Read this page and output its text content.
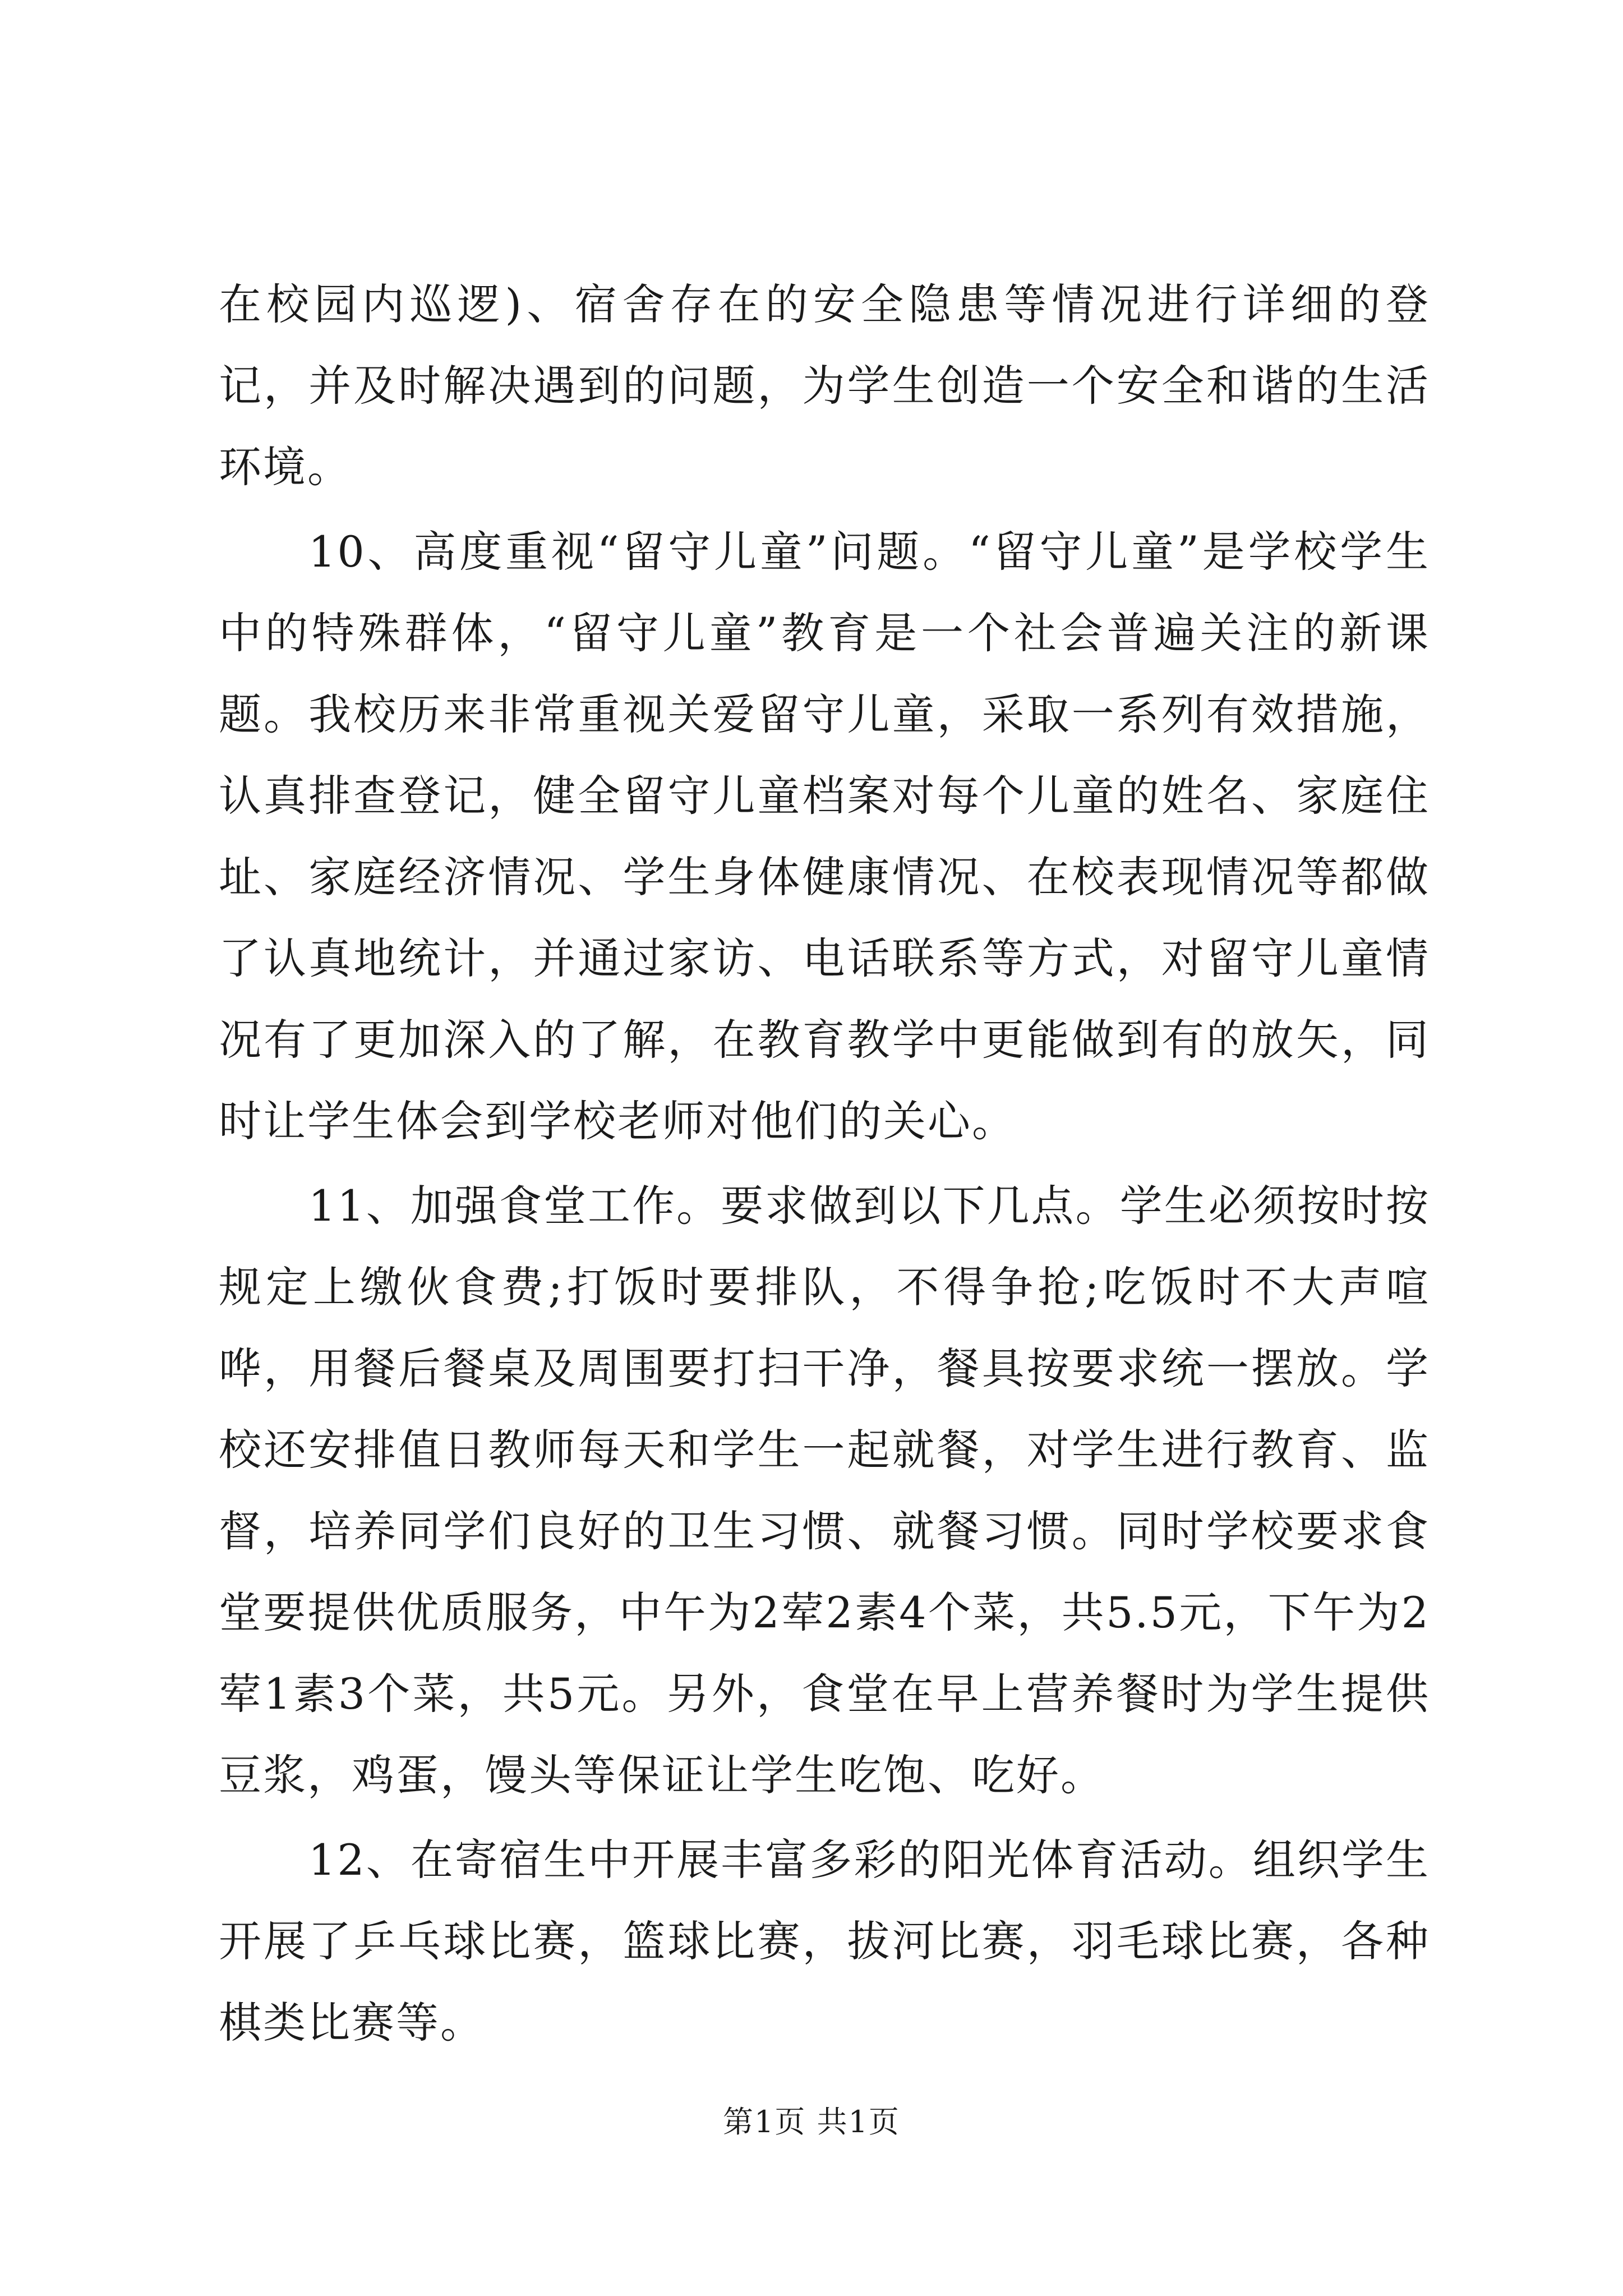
在校园内巡逻)、宿舍存在的安全隐患等情况进行详细的登记，并及时解决遇到的问题，为学生创造一个安全和谐的生活环境。

10、高度重视“留守儿童”问题。“留守儿童”是学校学生中的特殊群体，“留守儿童”教育是一个社会普遍关注的新课题。我校历来非常重视关爱留守儿童，采取一系列有效措施，认真排查登记，健全留守儿童档案对每个儿童的姓名、家庭住址、家庭经济情况、学生身体健康情况、在校表现情况等都做了认真地统计，并通过家访、电话联系等方式，对留守儿童情况有了更加深入的了解，在教育教学中更能做到有的放矢，同时让学生体会到学校老师对他们的关心。

11、加强食堂工作。要求做到以下几点。学生必须按时按规定上缴伙食费;打饭时要排队，不得争抢;吃饭时不大声喧哗，用餐后餐桌及周围要打扫干净，餐具按要求统一摆放。学校还安排值日教师每天和学生一起就餐，对学生进行教育、监督，培养同学们良好的卫生习惯、就餐习惯。同时学校要求食堂要提供优质服务，中午为2荤2素4个菜，共5.5元，下午为2荤1素3个菜，共5元。另外，食堂在早上营养餐时为学生提供豆浆，鸡蛋，馒头等保证让学生吃饱、吃好。

12、在寄宿生中开展丰富多彩的阳光体育活动。组织学生开展了乒乓球比赛，篮球比赛，拔河比赛，羽毛球比赛，各种棋类比赛等。

第1页 共1页
